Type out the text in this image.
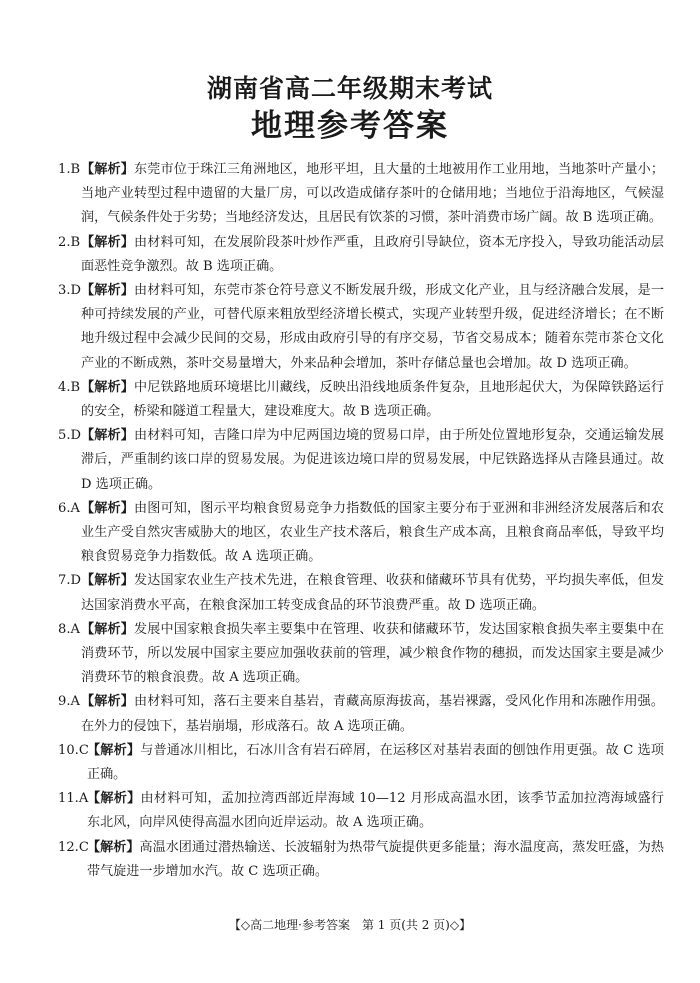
湖南省高二年级期末考试
地理参考答案
1.B 【解析】东莞市位于珠江三角洲地区，地形平坦，且大量的土地被用作工业用地，当地茶叶产量小；当地产业转型过程中遗留的大量厂房，可以改造成储存茶叶的仓储用地；当地位于沿海地区，气候湿润，气候条件处于劣势；当地经济发达，且居民有饮茶的习惯，茶叶消费市场广阔。故 B 选项正确。
2.B 【解析】由材料可知，在发展阶段茶叶炒作严重，且政府引导缺位，资本无序投入，导致功能活动层面恶性竞争激烈。故 B 选项正确。
3.D 【解析】由材料可知，东莞市茶仓符号意义不断发展升级，形成文化产业，且与经济融合发展，是一种可持续发展的产业，可替代原来粗放型经济增长模式，实现产业转型升级，促进经济增长；在不断地升级过程中会减少民间的交易，形成由政府引导的有序交易，节省交易成本；随着东莞市茶仓文化产业的不断成熟，茶叶交易量增大，外来品种会增加，茶叶存储总量也会增加。故 D 选项正确。
4.B 【解析】中尼铁路地质环境堪比川藏线，反映出沿线地质条件复杂，且地形起伏大，为保障铁路运行的安全，桥梁和隧道工程量大，建设难度大。故 B 选项正确。
5.D 【解析】由材料可知，吉隆口岸为中尼两国边境的贸易口岸，由于所处位置地形复杂，交通运输发展滞后，严重制约该口岸的贸易发展。为促进该边境口岸的贸易发展，中尼铁路选择从吉隆县通过。故 D 选项正确。
6.A 【解析】由图可知，图示平均粮食贸易竞争力指数低的国家主要分布于亚洲和非洲经济发展落后和农业生产受自然灾害威胁大的地区，农业生产技术落后，粮食生产成本高，且粮食商品率低，导致平均粮食贸易竞争力指数低。故 A 选项正确。
7.D 【解析】发达国家农业生产技术先进，在粮食管理、收获和储藏环节具有优势，平均损失率低，但发达国家消费水平高，在粮食深加工转变成食品的环节浪费严重。故 D 选项正确。
8.A 【解析】发展中国家粮食损失率主要集中在管理、收获和储藏环节，发达国家粮食损失率主要集中在消费环节，所以发展中国家主要应加强收获前的管理，减少粮食作物的穗损，而发达国家主要是减少消费环节的粮食浪费。故 A 选项正确。
9.A 【解析】由材料可知，落石主要来自基岩，青藏高原海拔高，基岩裸露，受风化作用和冻融作用强。在外力的侵蚀下，基岩崩塌，形成落石。故 A 选项正确。
10.C
【解析】与普通冰川相比，石冰川含有岩石碎屑，在运移区对基岩表面的刨蚀作用更强。故 C 选项正确。
11.A
【解析】由材料可知，孟加拉湾西部近岸海域 10—12 月形成高温水团，该季节孟加拉湾海域盛行东北风，向岸风使得高温水团向近岸运动。故 A 选项正确。
12.C
【解析】高温水团通过潜热输送、长波辐射为热带气旋提供更多能量；海水温度高，蒸发旺盛，为热带气旋进一步增加水汽。故 C 选项正确。
【◇高二地理·参考答案　第 1 页(共 2 页)◇】
